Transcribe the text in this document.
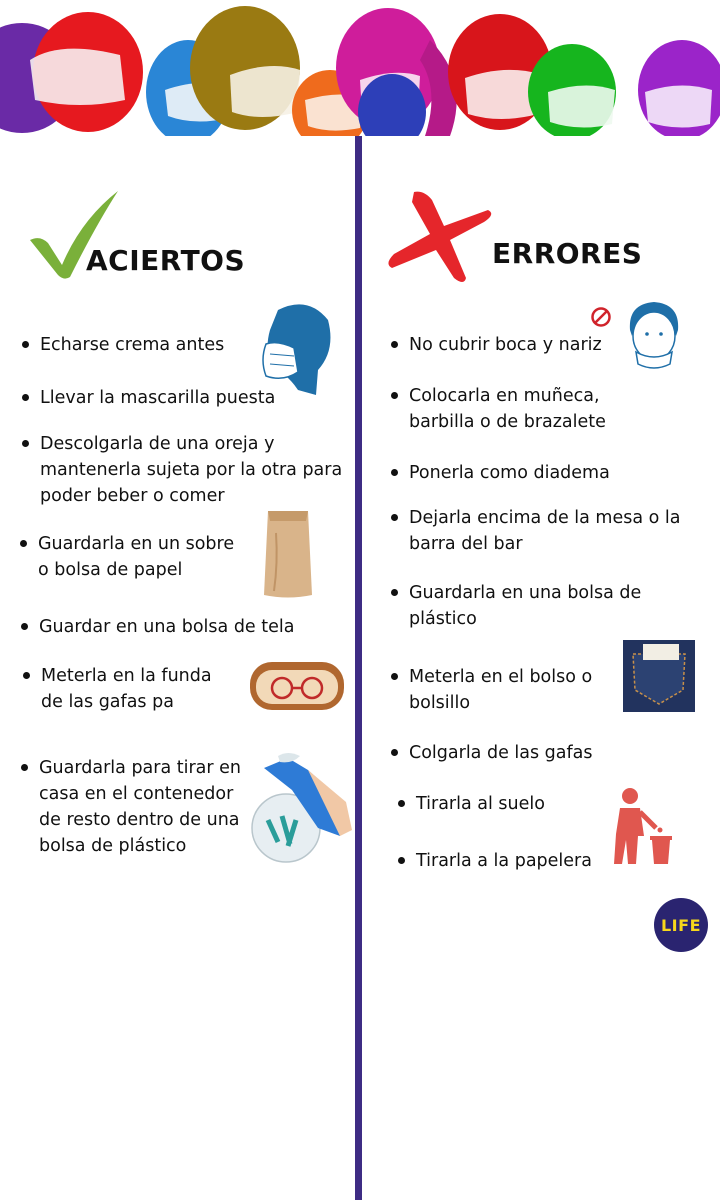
ACIERTOS
Echarse crema antes
Llevar la mascarilla puesta
Descolgarla de una oreja y
mantenerla sujeta por la otra para
poder beber o comer
Guardarla en un sobre
o bolsa de papel
Guardar en una bolsa de tela
Meterla en la funda
de las gafas pa
Guardarla para tirar en
casa en el contenedor
de resto dentro de una
bolsa de plástico
ERRORES
No cubrir boca y nariz
Colocarla en muñeca,
barbilla o de brazalete
Ponerla como diadema
Dejarla encima de la mesa o la
barra del bar
Guardarla en una bolsa de
plástico
Meterla en el bolso o
bolsillo
Colgarla de las gafas
Tirarla al suelo
Tirarla a la papelera
LIFE
